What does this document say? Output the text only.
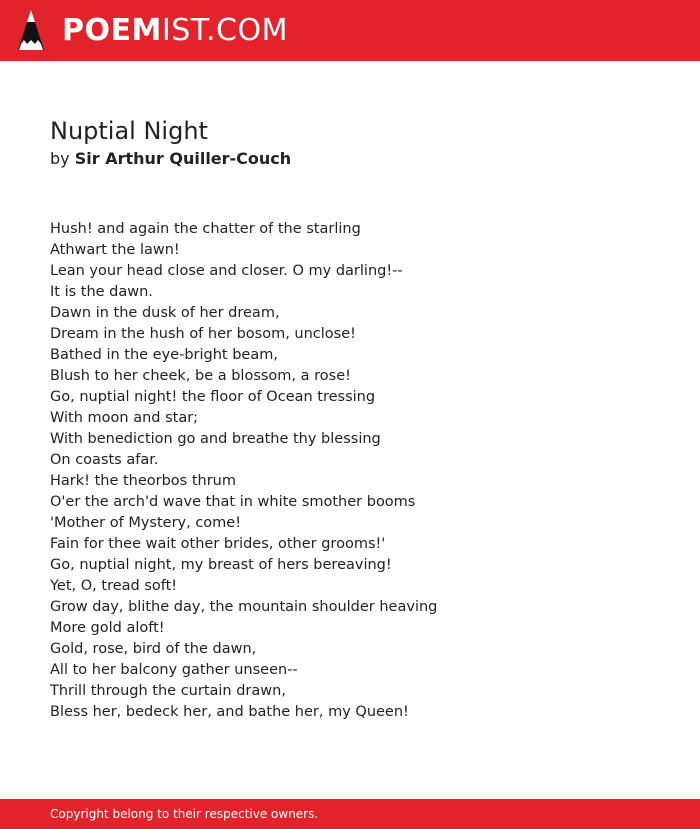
POEMIST.COM
Nuptial Night
by Sir Arthur Quiller-Couch
Hush! and again the chatter of the starling
Athwart the lawn!
Lean your head close and closer. O my darling!--
It is the dawn.
Dawn in the dusk of her dream,
Dream in the hush of her bosom, unclose!
Bathed in the eye-bright beam,
Blush to her cheek, be a blossom, a rose!
Go, nuptial night! the floor of Ocean tressing
With moon and star;
With benediction go and breathe thy blessing
On coasts afar.
Hark! the theorbos thrum
O'er the arch'd wave that in white smother booms
'Mother of Mystery, come!
Fain for thee wait other brides, other grooms!'
Go, nuptial night, my breast of hers bereaving!
Yet, O, tread soft!
Grow day, blithe day, the mountain shoulder heaving
More gold aloft!
Gold, rose, bird of the dawn,
All to her balcony gather unseen--
Thrill through the curtain drawn,
Bless her, bedeck her, and bathe her, my Queen!
Copyright belong to their respective owners.
